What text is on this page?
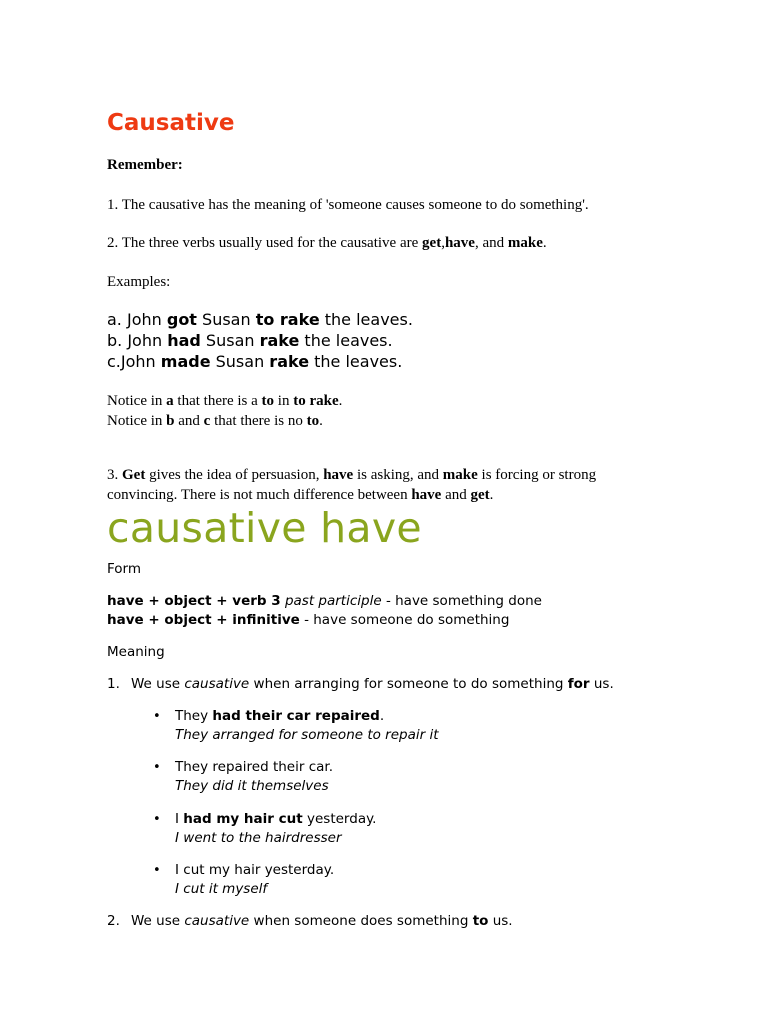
Causative

Remember:

1. The causative has the meaning of 'someone causes someone to do something'.

2. The three verbs usually used for the causative are get,have, and make.

Examples:

a. John got Susan to rake the leaves.
b. John had Susan rake the leaves.
c.John made Susan rake the leaves.

Notice in a that there is a to in to rake.

Notice in b and c that there is no to.

3. Get gives the idea of persuasion, have is asking, and make is forcing or strong convincing. There is not much difference between have and get.

causative have

Form

have + object + verb 3 past participle - have something done

have + object + infinitive - have someone do something

Meaning

1. We use causative when arranging for someone to do something for us.
• They had their car repaired.
They arranged for someone to repair it
• They repaired their car.
They did it themselves
• I had my hair cut yesterday.
I went to the hairdresser
• I cut my hair yesterday.
I cut it myself
2. We use causative when someone does something to us.
